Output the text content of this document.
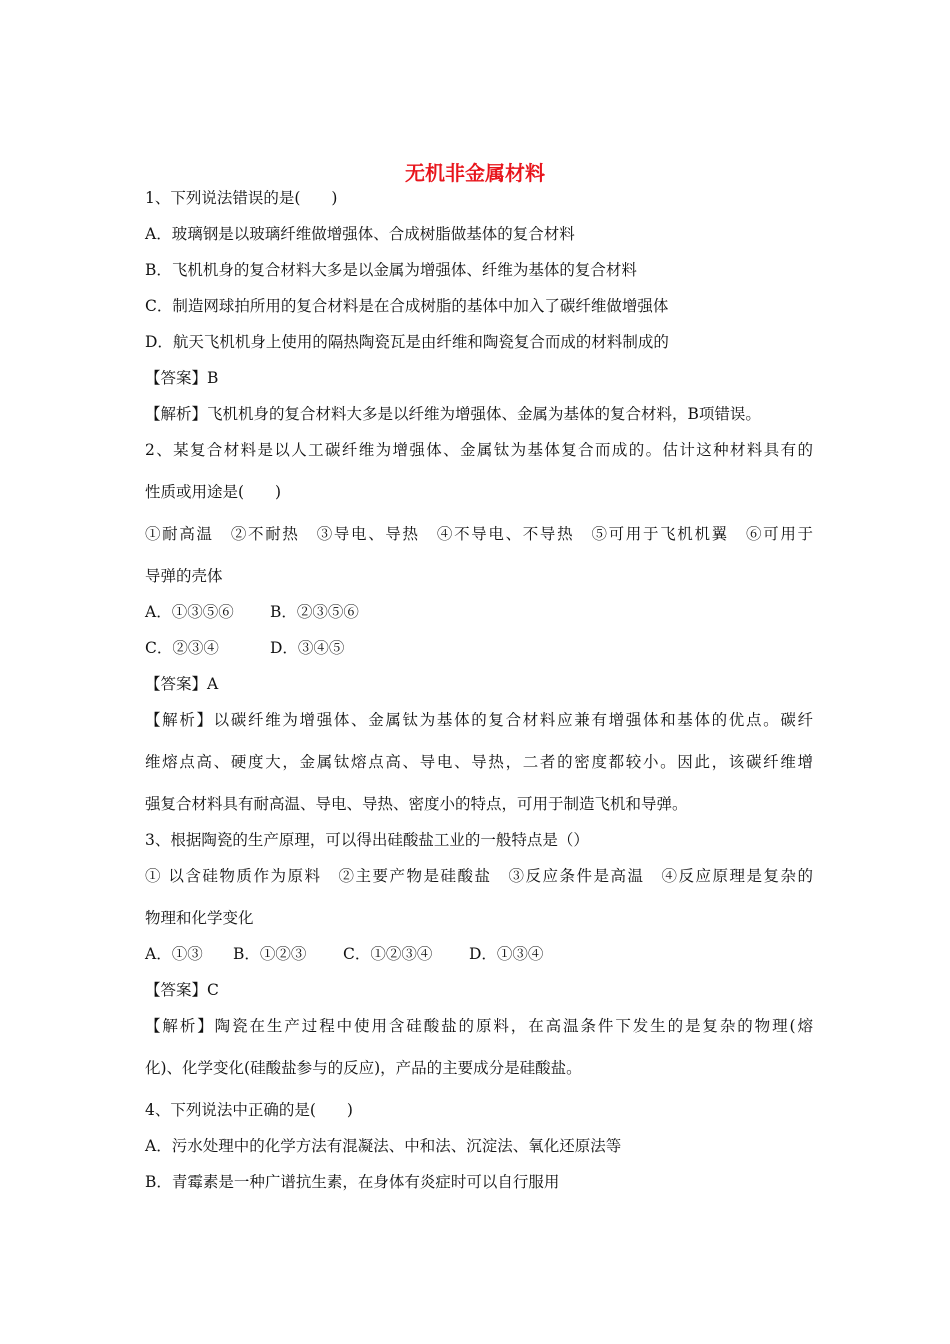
无机非金属材料

1、下列说法错误的是(　　)

A．玻璃钢是以玻璃纤维做增强体、合成树脂做基体的复合材料

B．飞机机身的复合材料大多是以金属为增强体、纤维为基体的复合材料

C．制造网球拍所用的复合材料是在合成树脂的基体中加入了碳纤维做增强体

D．航天飞机机身上使用的隔热陶瓷瓦是由纤维和陶瓷复合而成的材料制成的

【答案】B

【解析】飞机机身的复合材料大多是以纤维为增强体、金属为基体的复合材料，B项错误。

2、某复合材料是以人工碳纤维为增强体、金属钛为基体复合而成的。估计这种材料具有的

性质或用途是(　　)

①耐高温　②不耐热　③导电、导热　④不导电、不导热　⑤可用于飞机机翼　⑥可用于

导弹的壳体

A．①③⑤⑥ B．②③⑤⑥

C．②③④	D．③④⑤

【答案】A

【解析】以碳纤维为增强体、金属钛为基体的复合材料应兼有增强体和基体的优点。碳纤

维熔点高、硬度大，金属钛熔点高、导电、导热，二者的密度都较小。因此，该碳纤维增

强复合材料具有耐高温、导电、导热、密度小的特点，可用于制造飞机和导弹。

3、根据陶瓷的生产原理，可以得出硅酸盐工业的一般特点是（）

① 以含硅物质作为原料　②主要产物是硅酸盐　③反应条件是高温　④反应原理是复杂的

物理和化学变化

A．①③ B．①②③ C．①②③④ D．①③④

【答案】C

【解析】陶瓷在生产过程中使用含硅酸盐的原料，在高温条件下发生的是复杂的物理(熔

化)、化学变化(硅酸盐参与的反应)，产品的主要成分是硅酸盐。

4、下列说法中正确的是(　　)

A．污水处理中的化学方法有混凝法、中和法、沉淀法、氧化还原法等

B．青霉素是一种广谱抗生素，在身体有炎症时可以自行服用
